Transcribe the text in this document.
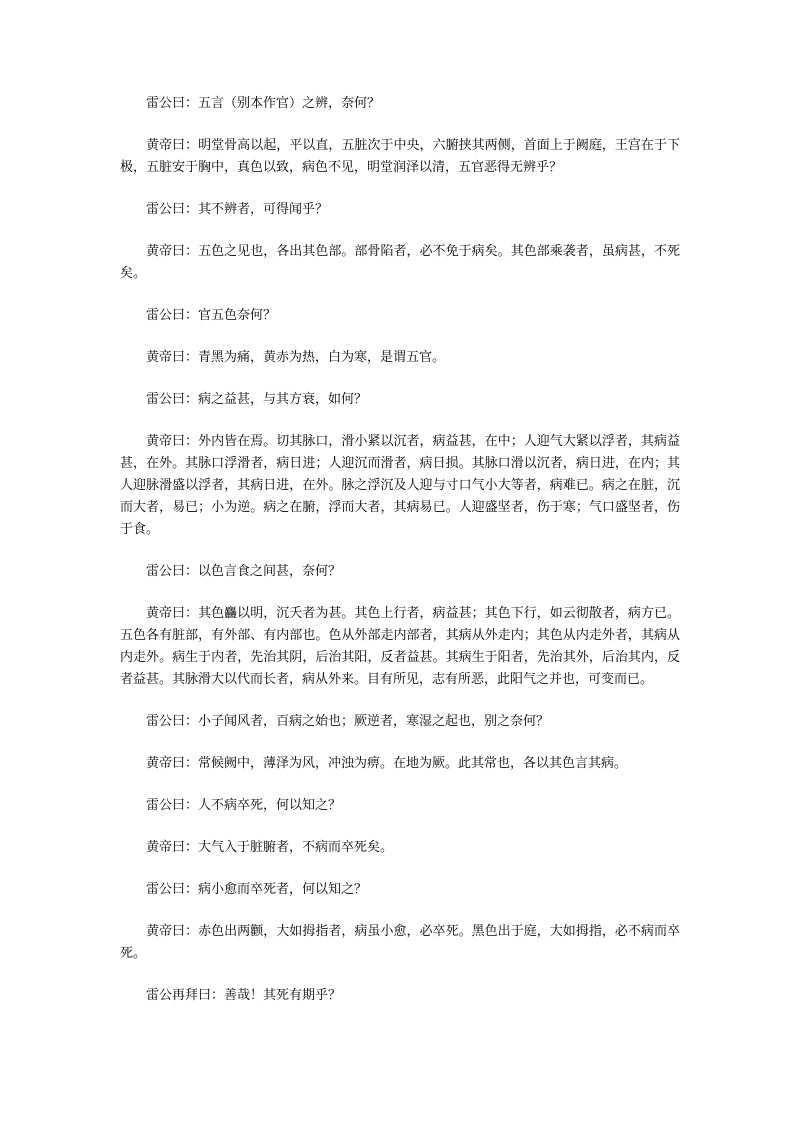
雷公曰：五言（别本作官）之辨，奈何？

黄帝曰：明堂骨高以起，平以直，五脏次于中央，六腑挟其两侧，首面上于阙庭，王宫在于下极，五脏安于胸中，真色以致，病色不见，明堂润泽以清，五官恶得无辨乎？

雷公曰：其不辨者，可得闻乎？

黄帝曰：五色之见也，各出其色部。部骨陷者，必不免于病矣。其色部乘袭者，虽病甚，不死矣。

雷公曰：官五色奈何？

黄帝曰：青黑为痛，黄赤为热，白为寒，是谓五官。

雷公曰：病之益甚，与其方衰，如何？

黄帝曰：外内皆在焉。切其脉口，滑小紧以沉者，病益甚，在中；人迎气大紧以浮者，其病益甚，在外。其脉口浮滑者，病日进；人迎沉而滑者，病日损。其脉口滑以沉者，病日进，在内；其人迎脉滑盛以浮者，其病日进，在外。脉之浮沉及人迎与寸口气小大等者，病难已。病之在脏，沉而大者，易已；小为逆。病之在腑，浮而大者，其病易已。人迎盛坚者，伤于寒；气口盛坚者，伤于食。

雷公曰：以色言食之间甚，奈何？

黄帝曰：其色麤以明，沉夭者为甚。其色上行者，病益甚；其色下行，如云彻散者，病方已。五色各有脏部，有外部、有内部也。色从外部走内部者，其病从外走内；其色从内走外者，其病从内走外。病生于内者，先治其阴，后治其阳，反者益甚。其病生于阳者，先治其外，后治其内，反者益甚。其脉滑大以代而长者，病从外来。目有所见，志有所恶，此阳气之并也，可变而已。

雷公曰：小子闻风者，百病之始也；厥逆者，寒湿之起也，别之奈何？

黄帝曰：常候阙中，薄泽为风，冲浊为痹。在地为厥。此其常也，各以其色言其病。

雷公曰：人不病卒死，何以知之？

黄帝曰：大气入于脏腑者，不病而卒死矣。

雷公曰：病小愈而卒死者，何以知之？

黄帝曰：赤色出两颧，大如拇指者，病虽小愈，必卒死。黑色出于庭，大如拇指，必不病而卒死。

雷公再拜曰：善哉！其死有期乎？
